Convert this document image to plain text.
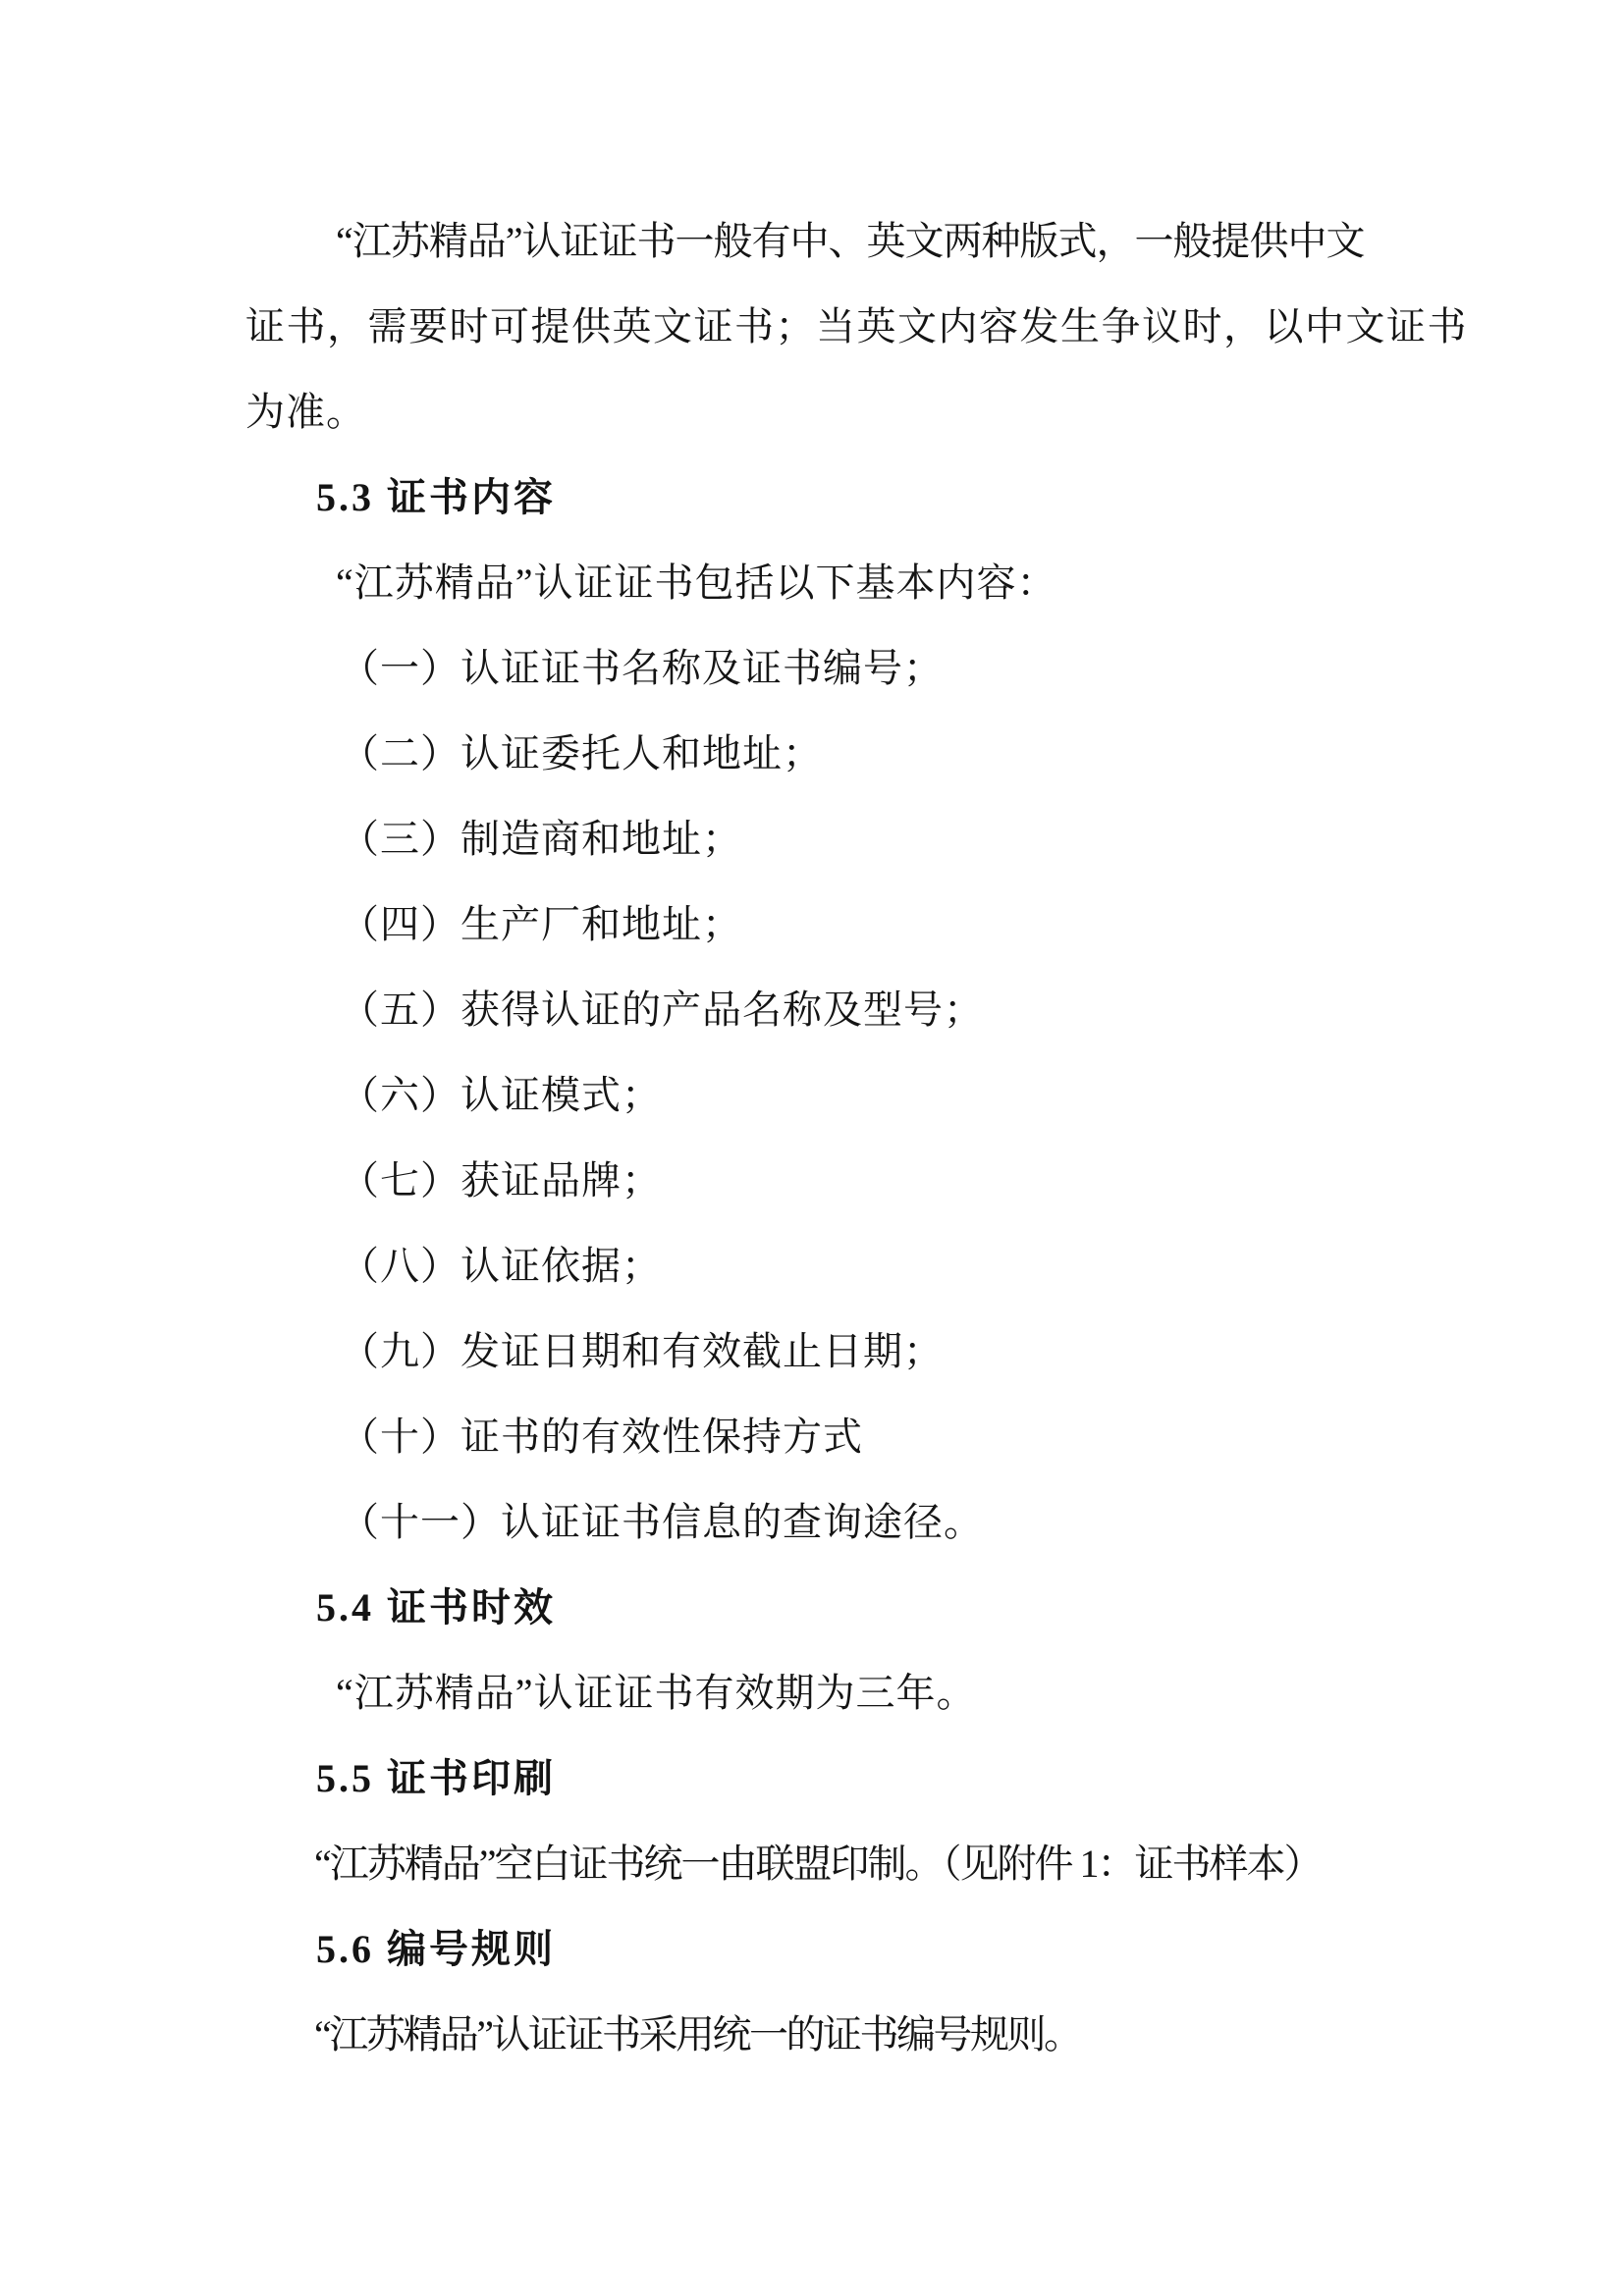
“江苏精品”认证证书一般有中、英文两种版式，一般提供中文
证书，需要时可提供英文证书；当英文内容发生争议时，以中文证书
为准。
5.3 证书内容
“江苏精品”认证证书包括以下基本内容：
（一）认证证书名称及证书编号；
（二）认证委托人和地址；
（三）制造商和地址；
（四）生产厂和地址；
（五）获得认证的产品名称及型号；
（六）认证模式；
（七）获证品牌；
（八）认证依据；
（九）发证日期和有效截止日期；
（十）证书的有效性保持方式
（十一）认证证书信息的查询途径。
5.4 证书时效
“江苏精品”认证证书有效期为三年。
5.5 证书印刷
“江苏精品”空白证书统一由联盟印制。（见附件 1：证书样本）
5.6 编号规则
“江苏精品”认证证书采用统一的证书编号规则。
